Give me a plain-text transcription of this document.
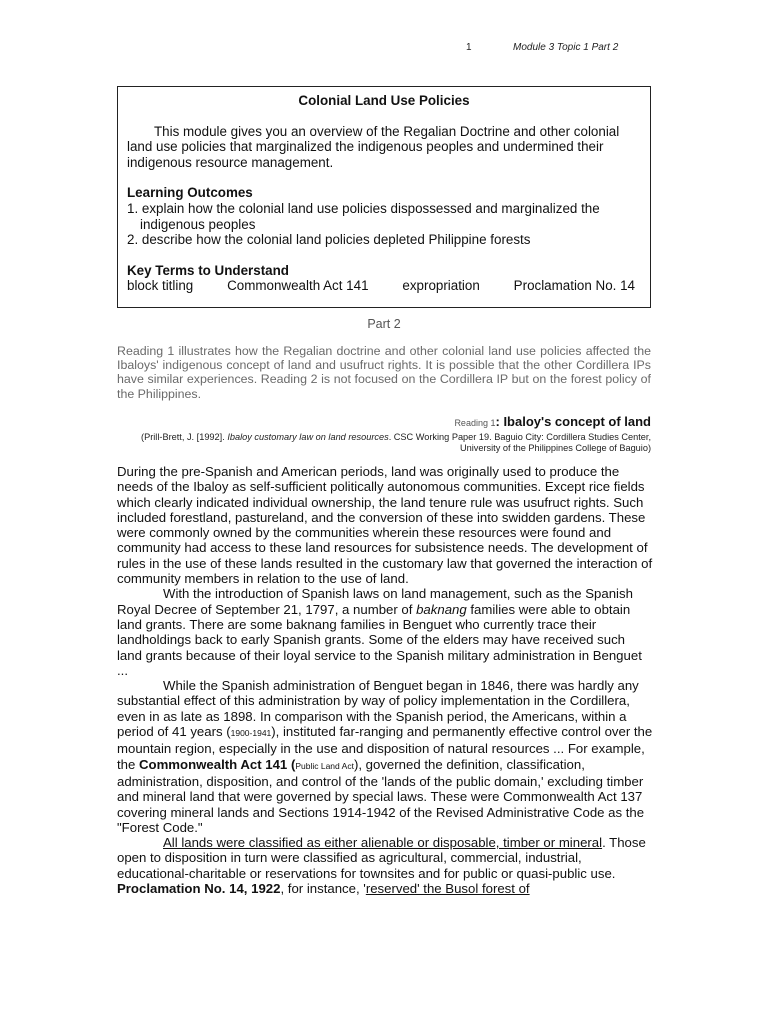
1	Module 3 Topic 1 Part 2
Colonial Land Use Policies

This module gives you an overview of the Regalian Doctrine and other colonial land use policies that marginalized the indigenous peoples and undermined their indigenous resource management.

Learning Outcomes
1. explain how the colonial land use policies dispossessed and marginalized the indigenous peoples
2. describe how the colonial land policies depleted Philippine forests
Key Terms to Understand
block titling	Commonwealth Act 141	expropriation	Proclamation No. 14
Part 2

Reading 1 illustrates how the Regalian doctrine and other colonial land use policies affected the Ibaloys' indigenous concept of land and usufruct rights. It is possible that the other Cordillera IPs have similar experiences. Reading 2 is not focused on the Cordillera IP but on the forest policy of the Philippines.

Reading 1: Ibaloy's concept of land
(Prill-Brett, J. [1992]. Ibaloy customary law on land resources. CSC Working Paper 19. Baguio City: Cordillera Studies Center, University of the Philippines College of Baguio)

During the pre-Spanish and American periods, land was originally used to produce the needs of the Ibaloy as self-sufficient politically autonomous communities. Except rice fields which clearly indicated individual ownership, the land tenure rule was usufruct rights. Such included forestland, pastureland, and the conversion of these into swidden gardens. These were commonly owned by the communities wherein these resources were found and community had access to these land resources for subsistence needs. The development of rules in the use of these lands resulted in the customary law that governed the interaction of community members in relation to the use of land.

With the introduction of Spanish laws on land management, such as the Spanish Royal Decree of September 21, 1797, a number of baknang families were able to obtain land grants. There are some baknang families in Benguet who currently trace their landholdings back to early Spanish grants. Some of the elders may have received such land grants because of their loyal service to the Spanish military administration in Benguet ...

While the Spanish administration of Benguet began in 1846, there was hardly any substantial effect of this administration by way of policy implementation in the Cordillera, even in as late as 1898. In comparison with the Spanish period, the Americans, within a period of 41 years (1900-1941), instituted far-ranging and permanently effective control over the mountain region, especially in the use and disposition of natural resources ... For example, the Commonwealth Act 141 (Public Land Act), governed the definition, classification, administration, disposition, and control of the 'lands of the public domain,' excluding timber and mineral land that were governed by special laws. These were Commonwealth Act 137 covering mineral lands and Sections 1914-1942 of the Revised Administrative Code as the "Forest Code."

All lands were classified as either alienable or disposable, timber or mineral. Those open to disposition in turn were classified as agricultural, commercial, industrial, educational-charitable or reservations for townsites and for public or quasi-public use. Proclamation No. 14, 1922, for instance, 'reserved' the Busol forest of
